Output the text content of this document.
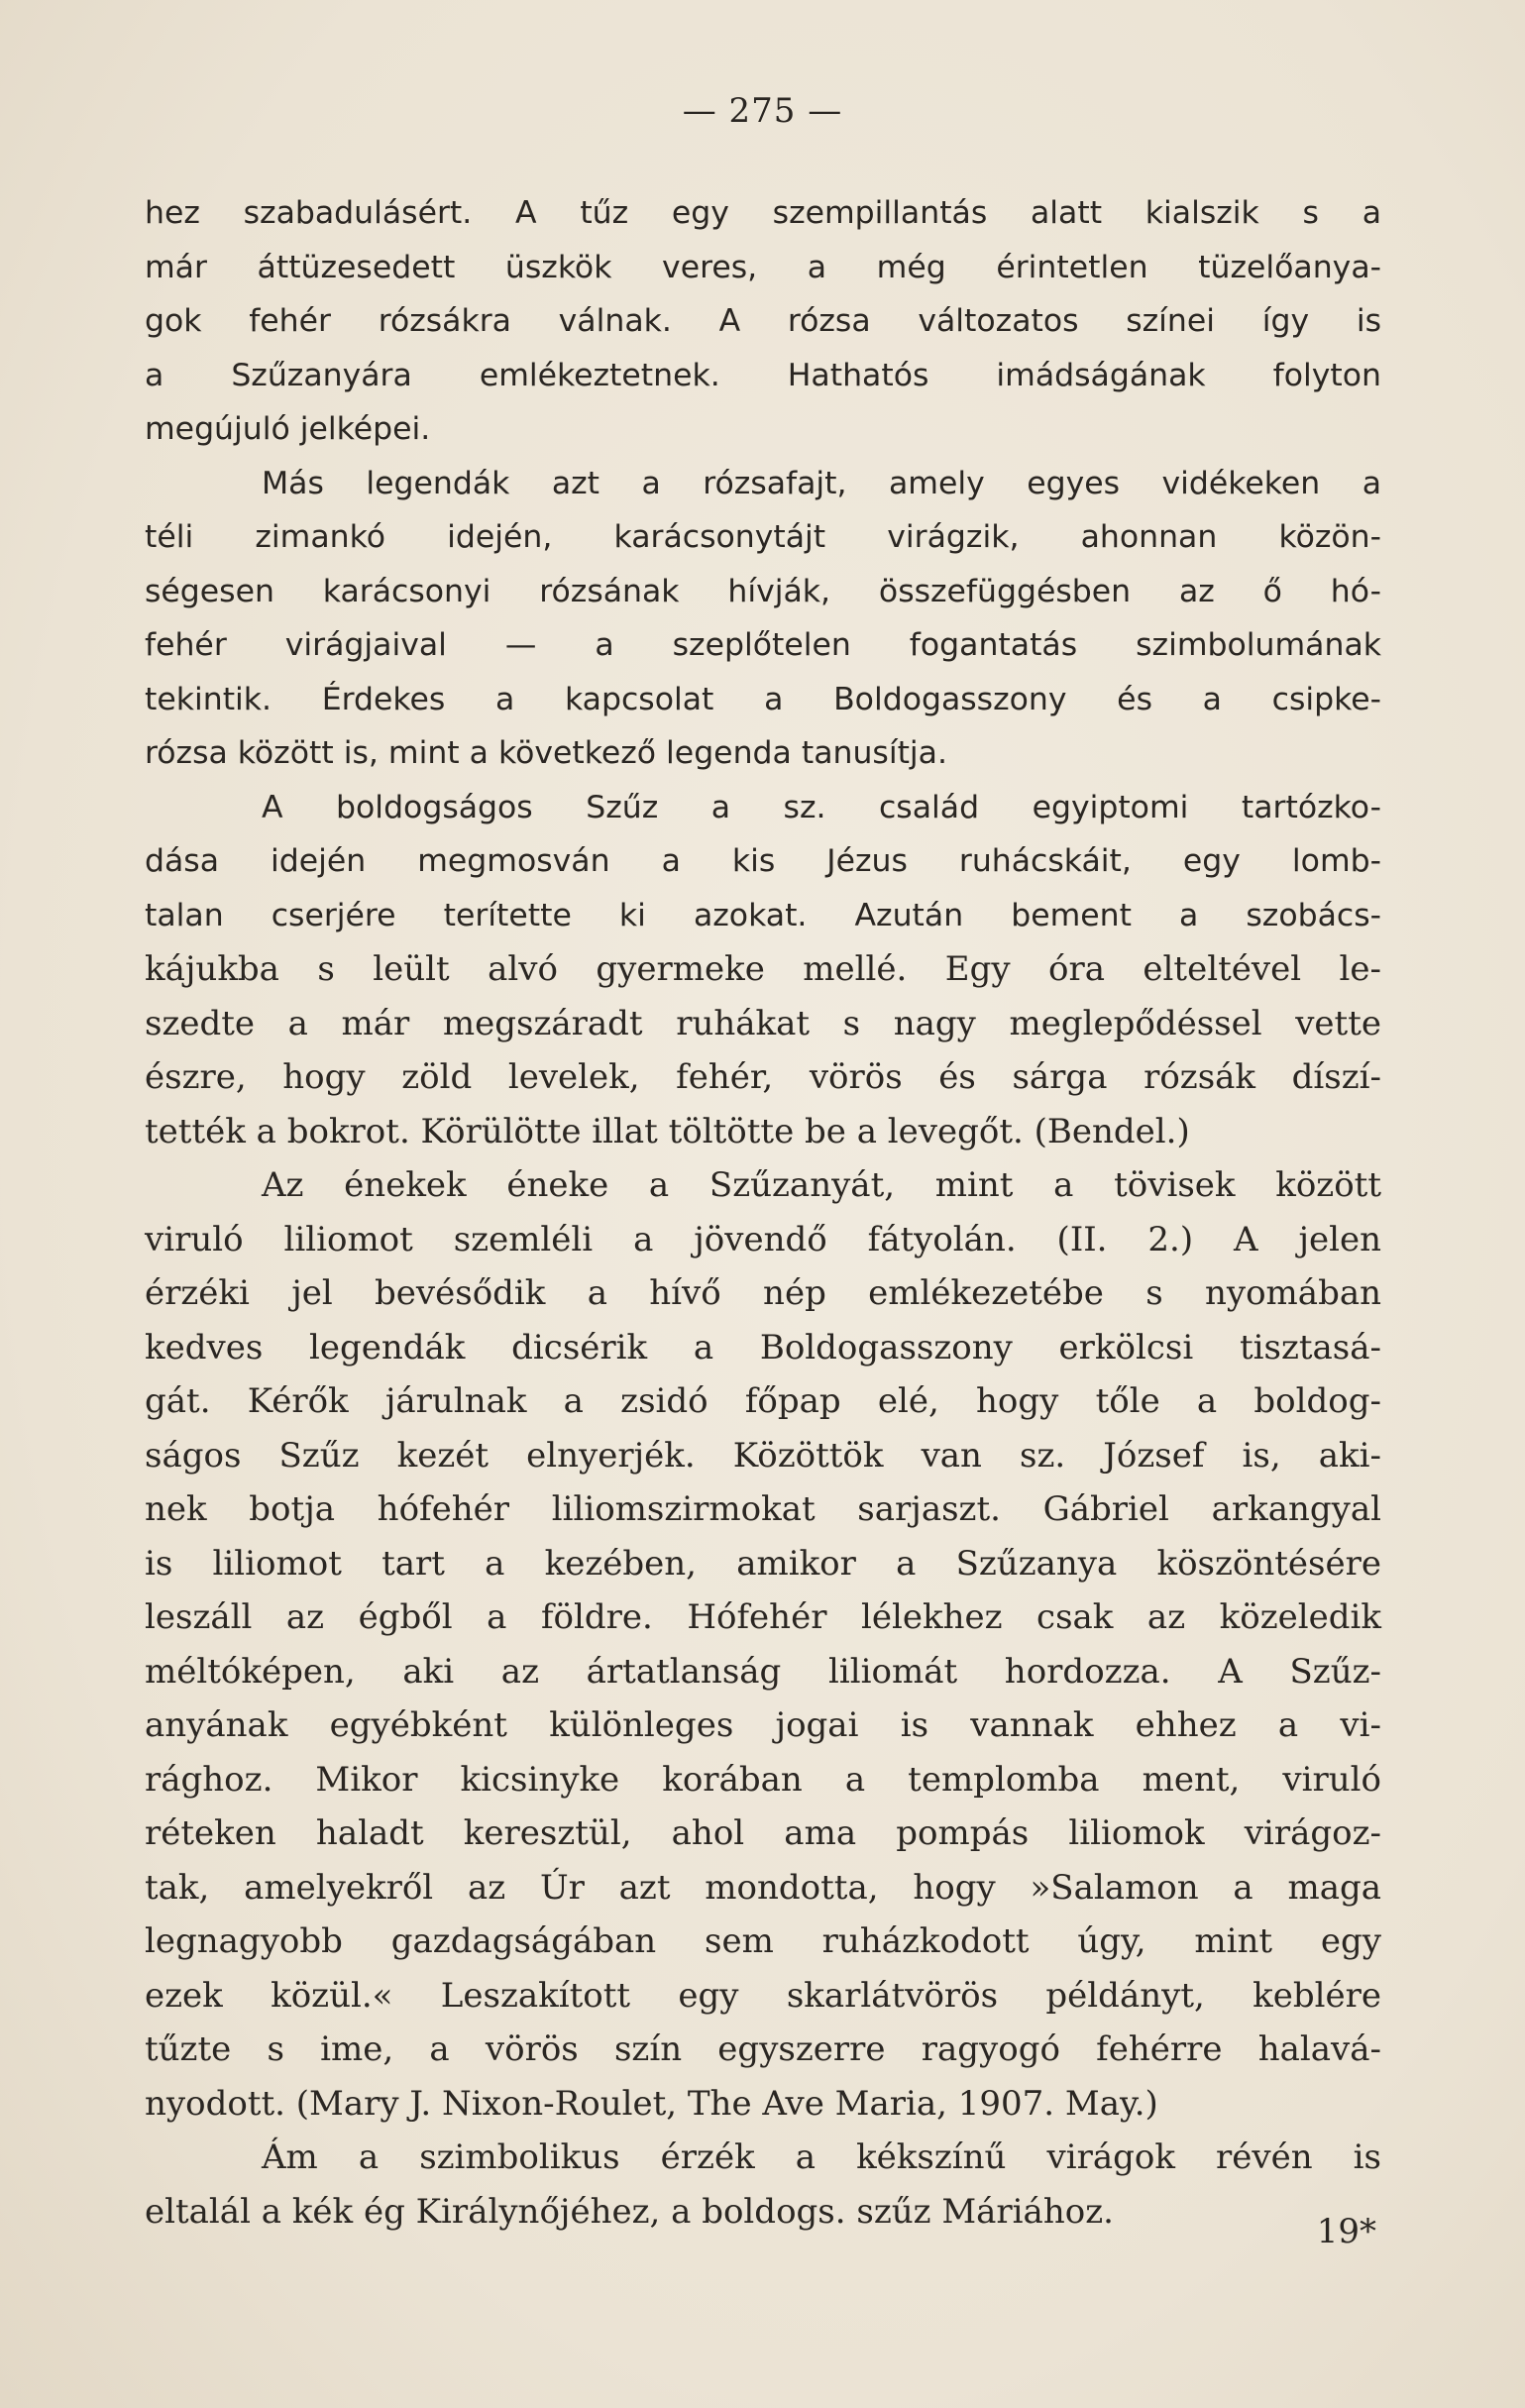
— 275 —
hez szabadulásért. A tűz egy szempillantás alatt kialszik s a
már áttüzesedett üszkök veres, a még érintetlen tüzelőanya-
gok fehér rózsákra válnak. A rózsa változatos színei így is
a Szűzanyára emlékeztetnek. Hathatós imádságának folyton
megújuló jelképei.
Más legendák azt a rózsafajt, amely egyes vidékeken a
téli zimankó idején, karácsonytájt virágzik, ahonnan közön-
ségesen karácsonyi rózsának hívják, összefüggésben az ő hó-
fehér virágjaival — a szeplőtelen fogantatás szimbolumának
tekintik. Érdekes a kapcsolat a Boldogasszony és a csipke-
rózsa között is, mint a következő legenda tanusítja.
A boldogságos Szűz a sz. család egyiptomi tartózko-
dása idején megmosván a kis Jézus ruhácskáit, egy lomb-
talan cserjére terítette ki azokat. Azután bement a szobács-
kájukba s leült alvó gyermeke mellé. Egy óra elteltével le-
szedte a már megszáradt ruhákat s nagy meglepődéssel vette
észre, hogy zöld levelek, fehér, vörös és sárga rózsák díszí-
tették a bokrot. Körülötte illat töltötte be a levegőt. (Bendel.)
Az énekek éneke a Szűzanyát, mint a tövisek között
viruló liliomot szemléli a jövendő fátyolán. (II. 2.) A jelen
érzéki jel bevésődik a hívő nép emlékezetébe s nyomában
kedves legendák dicsérik a Boldogasszony erkölcsi tisztasá-
gát. Kérők járulnak a zsidó főpap elé, hogy tőle a boldog-
ságos Szűz kezét elnyerjék. Közöttök van sz. József is, aki-
nek botja hófehér liliomszirmokat sarjaszt. Gábriel arkangyal
is liliomot tart a kezében, amikor a Szűzanya köszöntésére
leszáll az égből a földre. Hófehér lélekhez csak az közeledik
méltóképen, aki az ártatlanság liliomát hordozza. A Szűz-
anyának egyébként különleges jogai is vannak ehhez a vi-
rághoz. Mikor kicsinyke korában a templomba ment, viruló
réteken haladt keresztül, ahol ama pompás liliomok virágoz-
tak, amelyekről az Úr azt mondotta, hogy »Salamon a maga
legnagyobb gazdagságában sem ruházkodott úgy, mint egy
ezek közül.« Leszakított egy skarlátvörös példányt, keblére
tűzte s ime, a vörös szín egyszerre ragyogó fehérre halavá-
nyodott. (Mary J. Nixon-Roulet, The Ave Maria, 1907. May.)
Ám a szimbolikus érzék a kékszínű virágok révén is
eltalál a kék ég Királynőjéhez, a boldogs. szűz Máriához.
19*
